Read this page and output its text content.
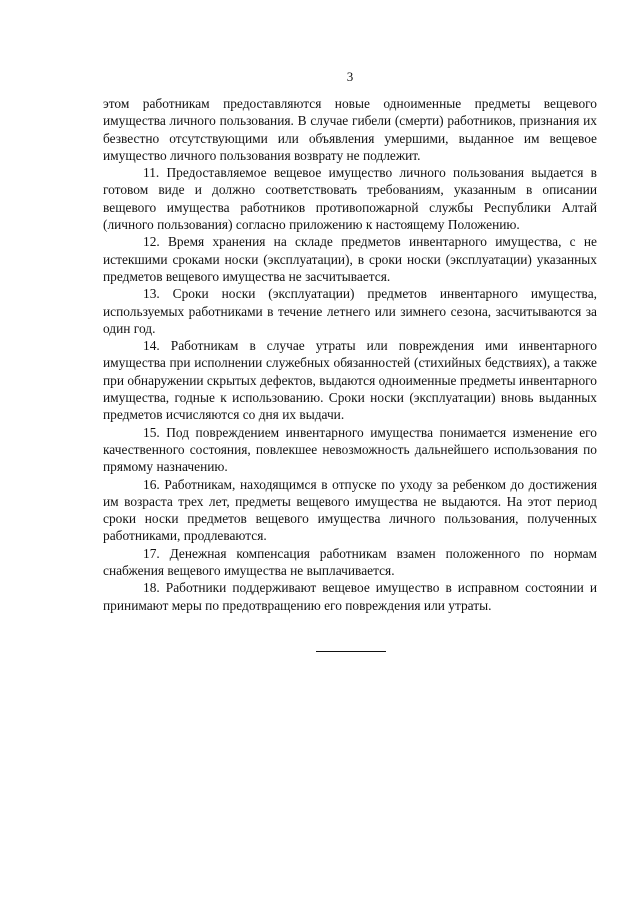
3

этом работникам предоставляются новые одноименные предметы вещевого имущества личного пользования. В случае гибели (смерти) работников, признания их безвестно отсутствующими или объявления умершими, выданное им вещевое имущество личного пользования возврату не подлежит.

11. Предоставляемое вещевое имущество личного пользования выдается в готовом виде и должно соответствовать требованиям, указанным в описании вещевого имущества работников противопожарной службы Республики Алтай (личного пользования) согласно приложению к настоящему Положению.

12. Время хранения на складе предметов инвентарного имущества, с не истекшими сроками носки (эксплуатации), в сроки носки (эксплуатации) указанных предметов вещевого имущества не засчитывается.

13. Сроки носки (эксплуатации) предметов инвентарного имущества, используемых работниками в течение летнего или зимнего сезона, засчитываются за один год.

14. Работникам в случае утраты или повреждения ими инвентарного имущества при исполнении служебных обязанностей (стихийных бедствиях), а также при обнаружении скрытых дефектов, выдаются одноименные предметы инвентарного имущества, годные к использованию. Сроки носки (эксплуатации) вновь выданных предметов исчисляются со дня их выдачи.

15. Под повреждением инвентарного имущества понимается изменение его качественного состояния, повлекшее невозможность дальнейшего использования по прямому назначению.

16. Работникам, находящимся в отпуске по уходу за ребенком до достижения им возраста трех лет, предметы вещевого имущества не выдаются. На этот период сроки носки предметов вещевого имущества личного пользования, полученных работниками, продлеваются.

17. Денежная компенсация работникам взамен положенного по нормам снабжения вещевого имущества не выплачивается.

18. Работники поддерживают вещевое имущество в исправном состоянии и принимают меры по предотвращению его повреждения или утраты.
